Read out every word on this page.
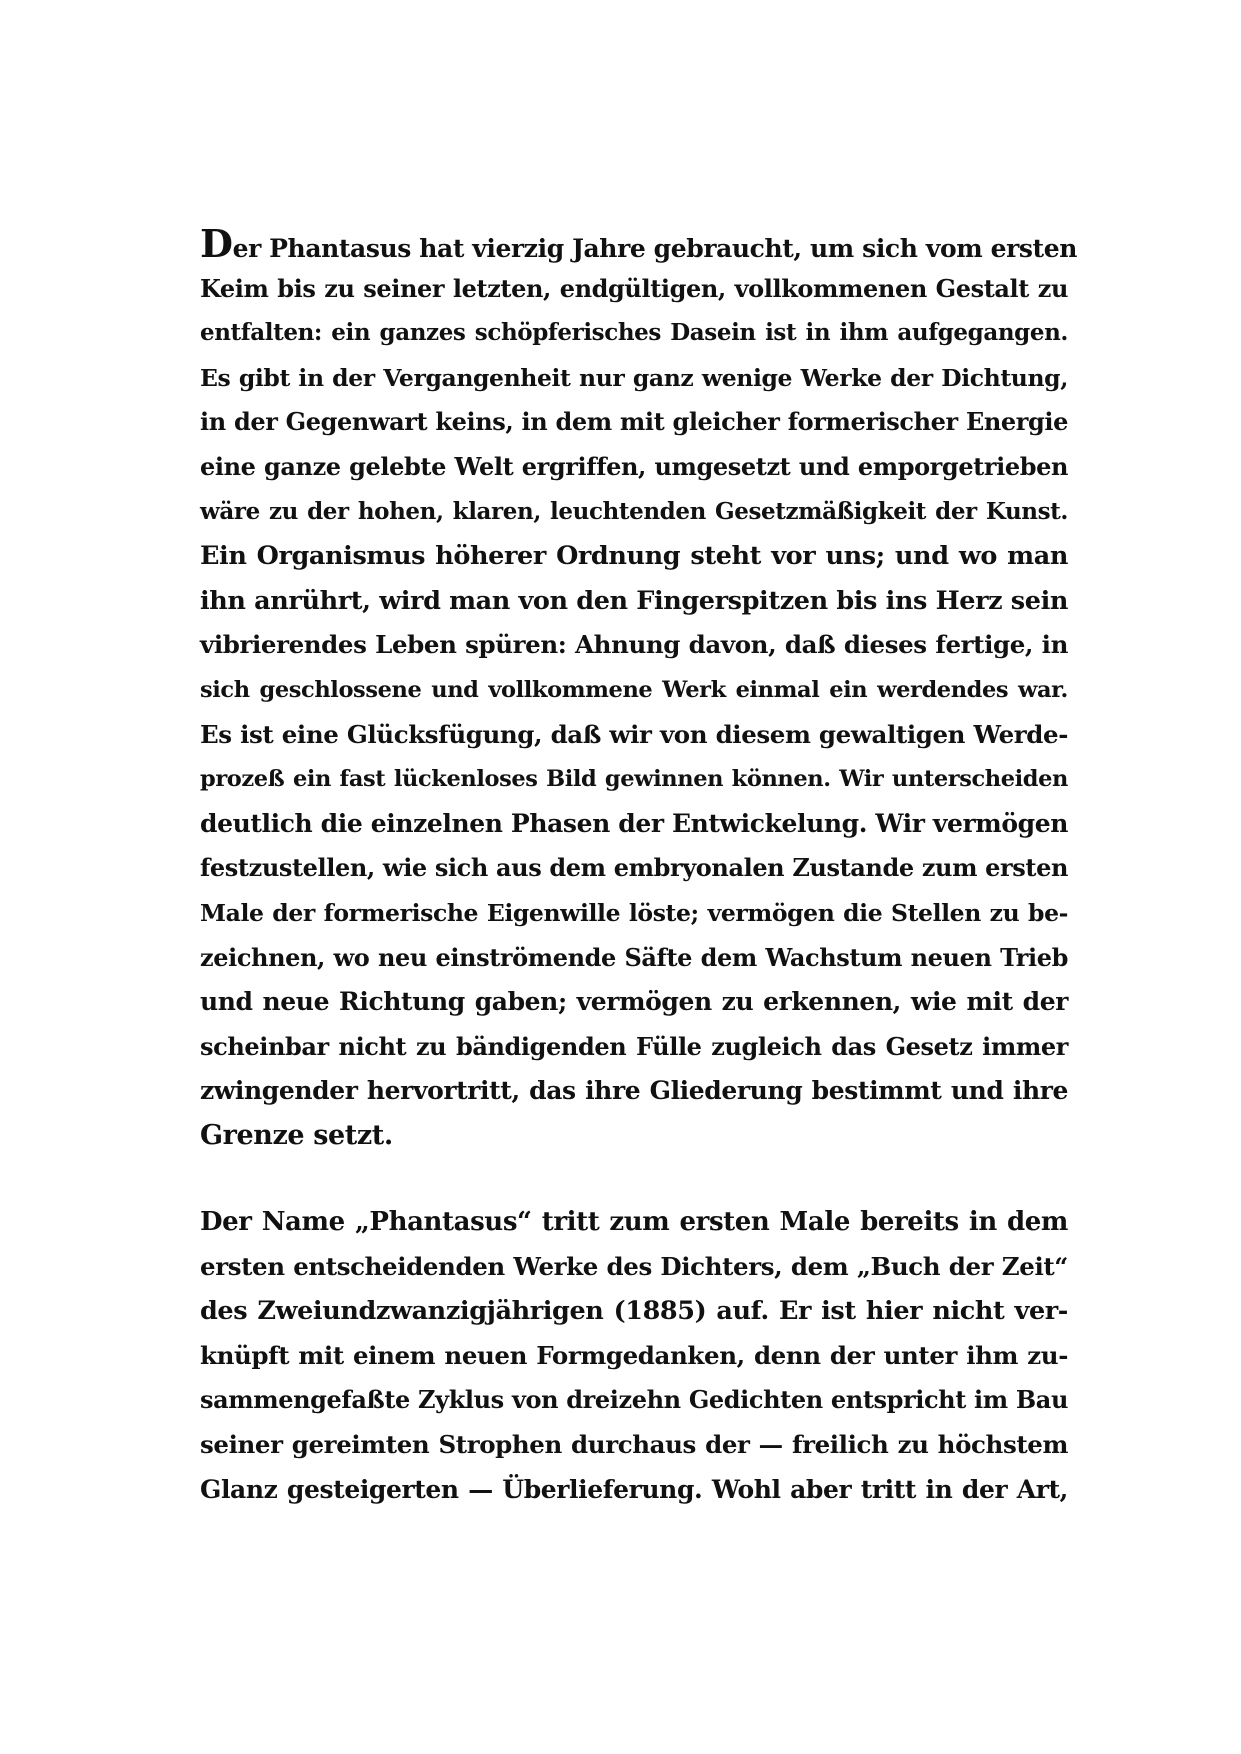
Der Phantasus hat vierzig Jahre gebraucht, um sich vom ersten
Keim bis zu seiner letzten, endgültigen, vollkommenen Gestalt zu
entfalten: ein ganzes schöpferisches Dasein ist in ihm aufgegangen.
Es gibt in der Vergangenheit nur ganz wenige Werke der Dichtung,
in der Gegenwart keins, in dem mit gleicher formerischer Energie
eine ganze gelebte Welt ergriffen, umgesetzt und emporgetrieben
wäre zu der hohen, klaren, leuchtenden Gesetzmäßigkeit der Kunst.
Ein Organismus höherer Ordnung steht vor uns; und wo man
ihn anrührt, wird man von den Fingerspitzen bis ins Herz sein
vibrierendes Leben spüren: Ahnung davon, daß dieses fertige, in
sich geschlossene und vollkommene Werk einmal ein werdendes war.
Es ist eine Glücksfügung, daß wir von diesem gewaltigen Werde-
prozeß ein fast lückenloses Bild gewinnen können. Wir unterscheiden
deutlich die einzelnen Phasen der Entwickelung. Wir vermögen
festzustellen, wie sich aus dem embryonalen Zustande zum ersten
Male der formerische Eigenwille löste; vermögen die Stellen zu be-
zeichnen, wo neu einströmende Säfte dem Wachstum neuen Trieb
und neue Richtung gaben; vermögen zu erkennen, wie mit der
scheinbar nicht zu bändigenden Fülle zugleich das Gesetz immer
zwingender hervortritt, das ihre Gliederung bestimmt und ihre
Grenze setzt.
Der Name „Phantasus“ tritt zum ersten Male bereits in dem
ersten entscheidenden Werke des Dichters, dem „Buch der Zeit“
des Zweiundzwanzigjährigen (1885) auf. Er ist hier nicht ver-
knüpft mit einem neuen Formgedanken, denn der unter ihm zu-
sammengefaßte Zyklus von dreizehn Gedichten entspricht im Bau
seiner gereimten Strophen durchaus der — freilich zu höchstem
Glanz gesteigerten — Überlieferung. Wohl aber tritt in der Art,
